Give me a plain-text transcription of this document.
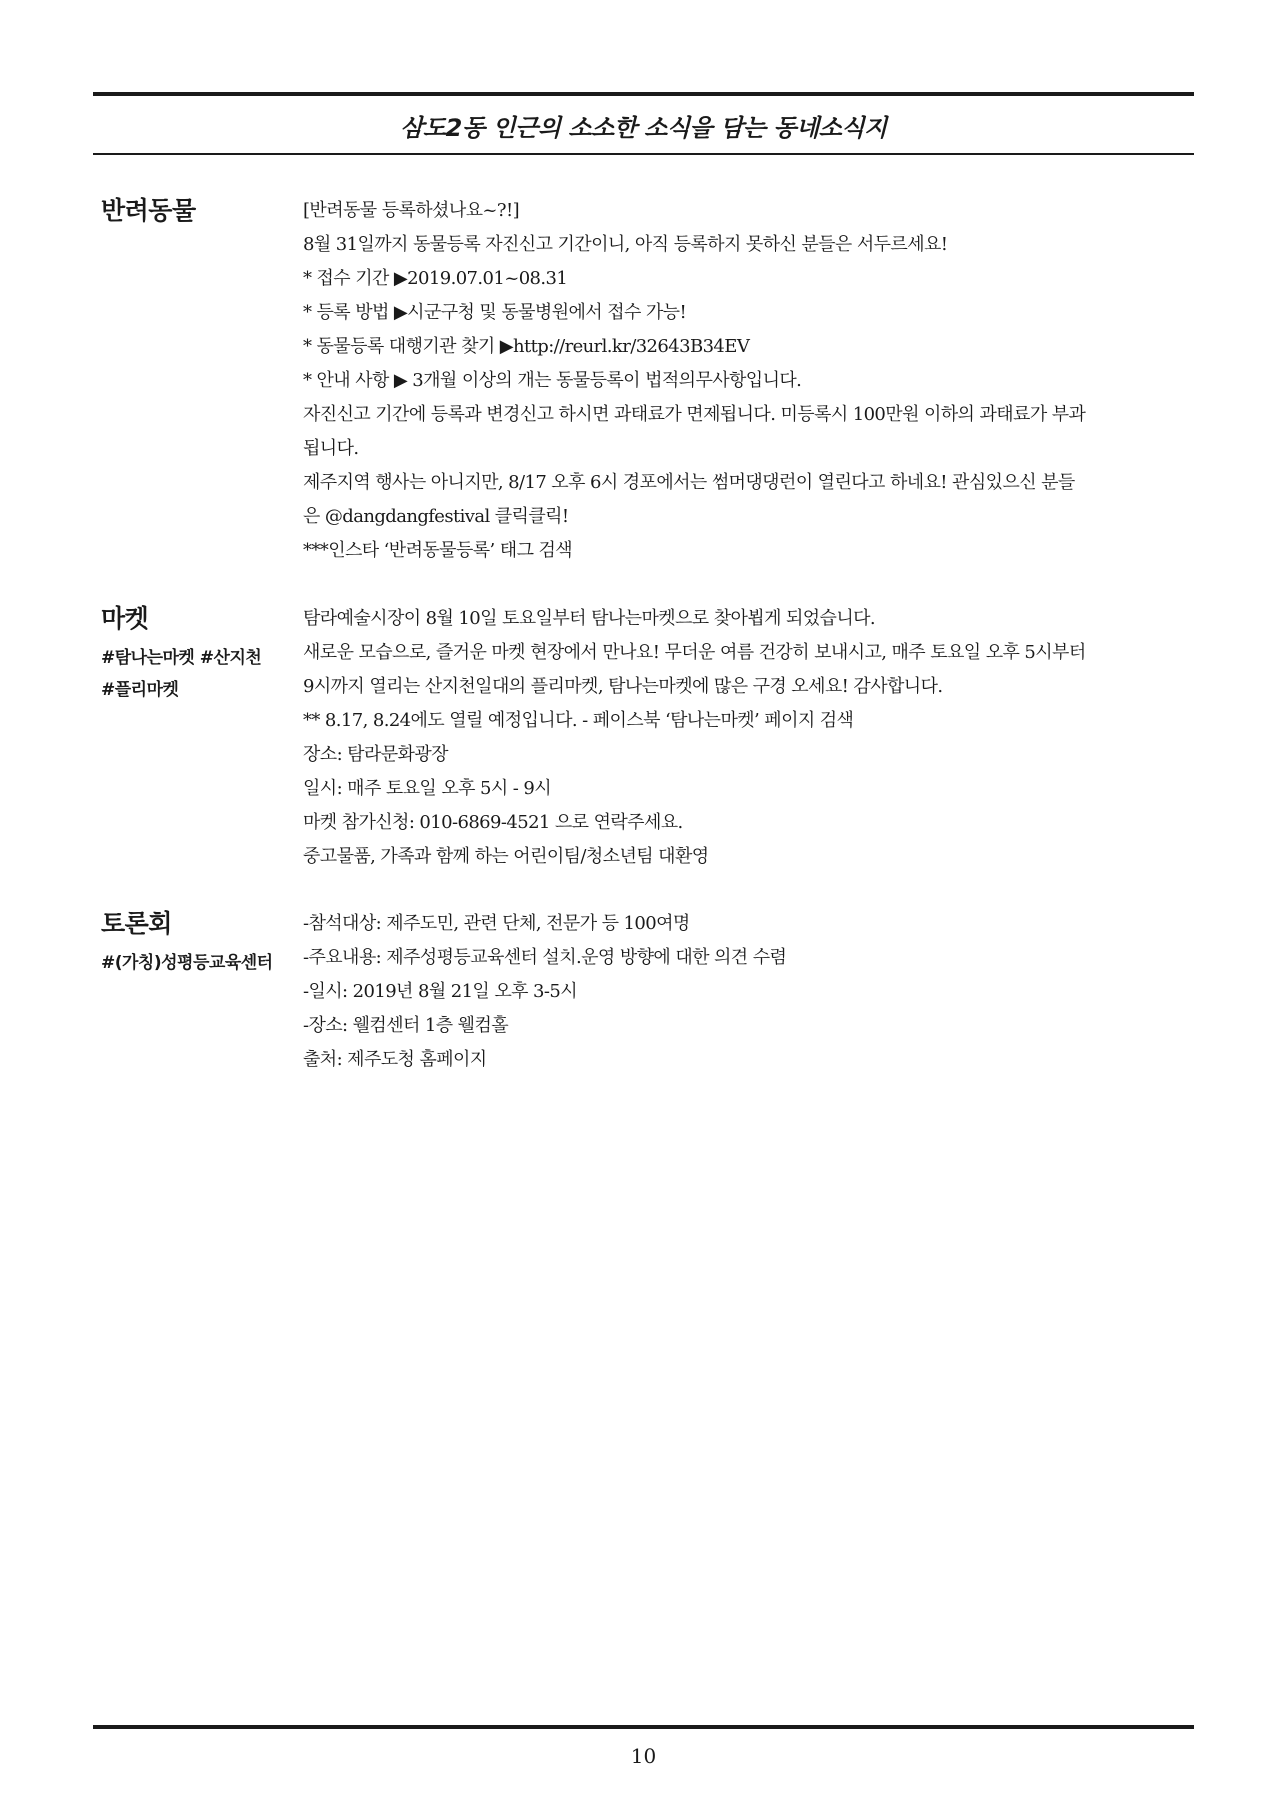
삼도2동 인근의 소소한 소식을 담는 동네소식지
반려동물	[반려동물 등록하셨나요~?!]
8월 31일까지 동물등록 자진신고 기간이니, 아직 등록하지 못하신 분들은 서두르세요!
* 접수 기간 ▶2019.07.01~08.31
* 등록 방법 ▶시군구청 및 동물병원에서 접수 가능!
* 동물등록 대행기관 찾기 ▶http://reurl.kr/32643B34EV
* 안내 사항 ▶ 3개월 이상의 개는 동물등록이 법적의무사항입니다.
자진신고 기간에 등록과 변경신고 하시면 과태료가 면제됩니다. 미등록시 100만원 이하의 과태료가 부과
됩니다.
제주지역 행사는 아니지만, 8/17 오후 6시 경포에서는 썸머댕댕런이 열린다고 하네요! 관심있으신 분들
은 @dangdangfestival 클릭클릭!
***인스타 ‘반려동물등록’ 태그 검색
마켓
#탐나는마켓 #산지천
#플리마켓
탐라예술시장이 8월 10일 토요일부터 탐나는마켓으로 찾아뵙게 되었습니다.
새로운 모습으로, 즐거운 마켓 현장에서 만나요! 무더운 여름 건강히 보내시고, 매주 토요일 오후 5시부터
9시까지 열리는 산지천일대의 플리마켓, 탐나는마켓에 많은 구경 오세요! 감사합니다.
** 8.17, 8.24에도 열릴 예정입니다. - 페이스북 ‘탐나는마켓’ 페이지 검색
장소: 탐라문화광장
일시: 매주 토요일 오후 5시 - 9시
마켓 참가신청: 010-6869-4521 으로 연락주세요.
중고물품, 가족과 함께 하는 어린이팀/청소년팀 대환영
토론회
#(가칭)성평등교육센터
-참석대상: 제주도민, 관련 단체, 전문가 등 100여명
-주요내용: 제주성평등교육센터 설치.운영 방향에 대한 의견 수렴
-일시: 2019년 8월 21일 오후 3-5시
-장소: 웰컴센터 1층 웰컴홀
출처: 제주도청 홈페이지
10
